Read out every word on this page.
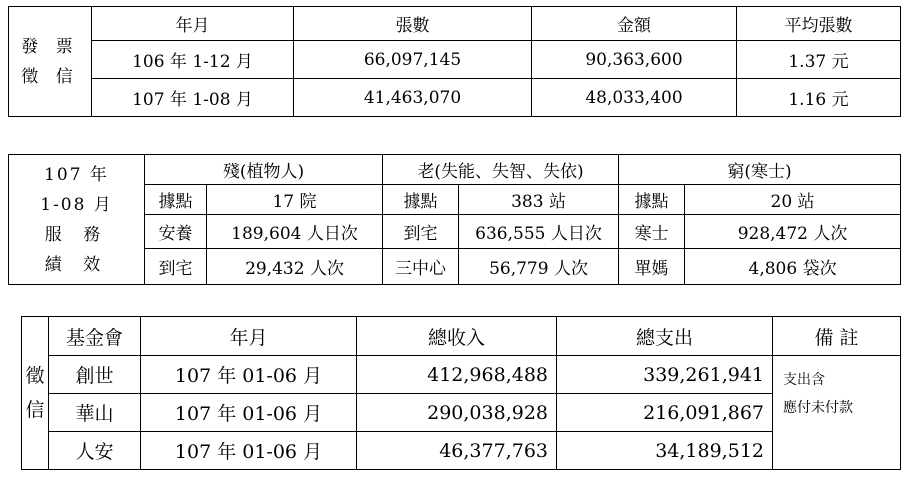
發 票
徵 信	年月	張數	金額	平均張數
	106 年 1-12 月	66,097,145	90,363,600	1.37 元
	107 年 1-08 月	41,463,070	48,033,400	1.16 元
107 年
1-08 月
服 務
績 效	殘(植物人)		老(失能、失智、失依)		窮(寒士)	
	據點	17 院	據點	383 站	據點	20 站
	安養	189,604 人日次	到宅	636,555 人日次	寒士	928,472 人次
	到宅	29,432 人次	三中心	56,779 人次	單媽	4,806 袋次
徵
信	基金會	年月	總收入	總支出	備 註
	創世	107 年 01-06 月	412,968,488	339,261,941	支出含
應付未付款

	華山	107 年 01-06 月	290,038,928	216,091,867	
	人安	107 年 01-06 月	46,377,763	34,189,512	
